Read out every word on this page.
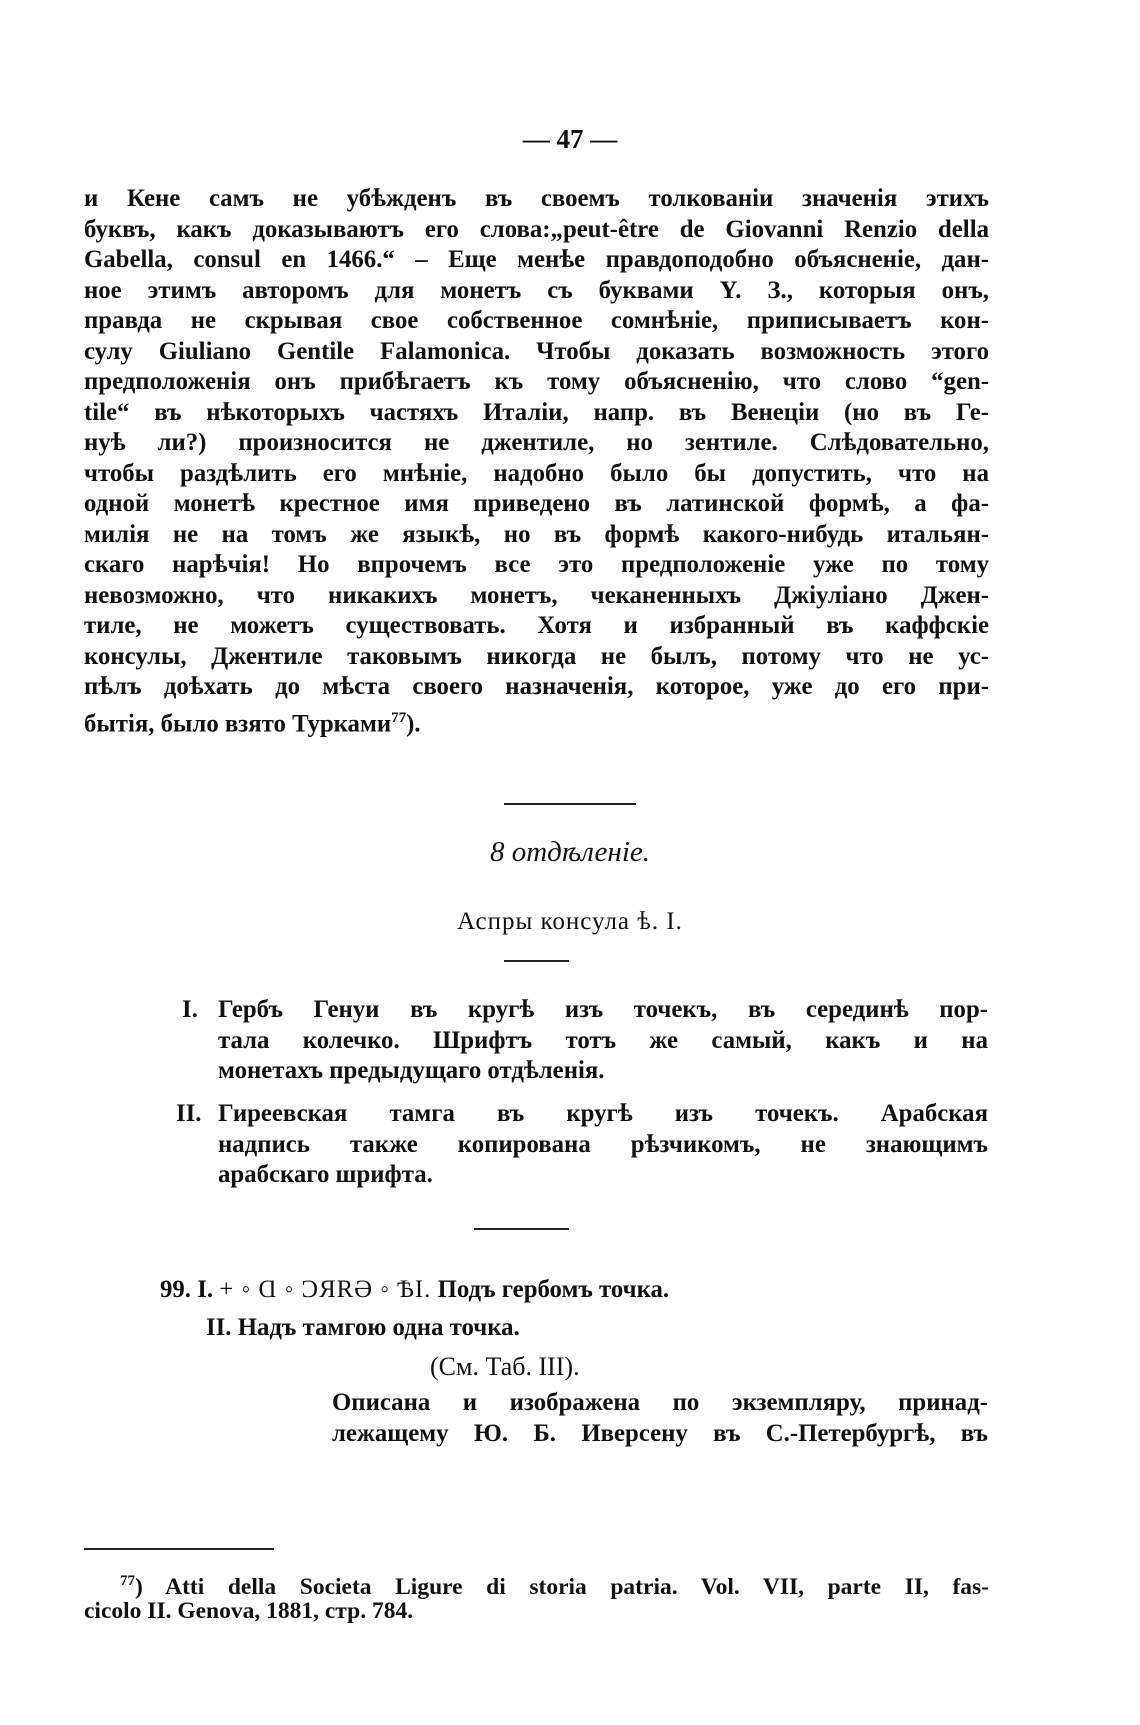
— 47 —
и Кене самъ не убѣжденъ въ своемъ толкованіи значенія этихъ
буквъ, какъ доказываютъ его слова:„peut-être de Giovanni Renzio della
Gabella, consul en 1466.“ – Еще менѣе правдоподобно объясненіе, дан-
ное этимъ авторомъ для монетъ съ буквами Y. З., которыя онъ,
правда не скрывая свое собственное сомнѣніе, приписываетъ кон-
сулу Giuliano Gentile Falamonica. Чтобы доказать возможность этого
предположенія онъ прибѣгаетъ къ тому объясненію, что слово “gen-
tile“ въ нѣкоторыхъ частяхъ Италіи, напр. въ Венеціи (но въ Ге-
нуѣ ли?) произносится не джентиле, но зентиле. Слѣдовательно,
чтобы раздѣлить его мнѣніе, надобно было бы допустить, что на
одной монетѣ крестное имя приведено въ латинской формѣ, а фа-
милія не на томъ же языкѣ, но въ формѣ какого-нибудь итальян-
скаго нарѣчія! Но впрочемъ все это предположеніе уже по тому
невозможно, что никакихъ монетъ, чеканенныхъ Джіуліано Джен-
тиле, не можетъ существовать. Хотя и избранный въ каффскіе
консулы, Джентиле таковымъ никогда не былъ, потому что не ус-
пѣлъ доѣхать до мѣста своего назначенія, которое, уже до его при-
бытія, было взято Турками$^{77}$).
8 отдѣленіе.
Аспры консула ѣ. I.
I. Гербъ Генуи въ кругѣ изъ точекъ, въ серединѣ пор-
тала колечко. Шрифтъ тотъ же самый, какъ и на
монетахъ предыдущаго отдѣленія.
II. Гиреевская тамга въ кругѣ изъ точекъ. Арабская
надпись также копирована рѣзчикомъ, не знающимъ
арабскаго шрифта.
99. I. + ◦ Ɑ ◦ ƆЯRƏ ◦ ѢI. Подъ гербомъ точка.
II. Надъ тамгою одна точка.
(См. Таб. III).
Описана и изображена по экземпляру, принад-
лежащему Ю. Б. Иверсену въ С.-Петербургѣ, въ
$^{77}$) Atti della Societa Ligure di storia patria. Vol. VII, parte II, fas-
cicolo II. Genova, 1881, стр. 784.
